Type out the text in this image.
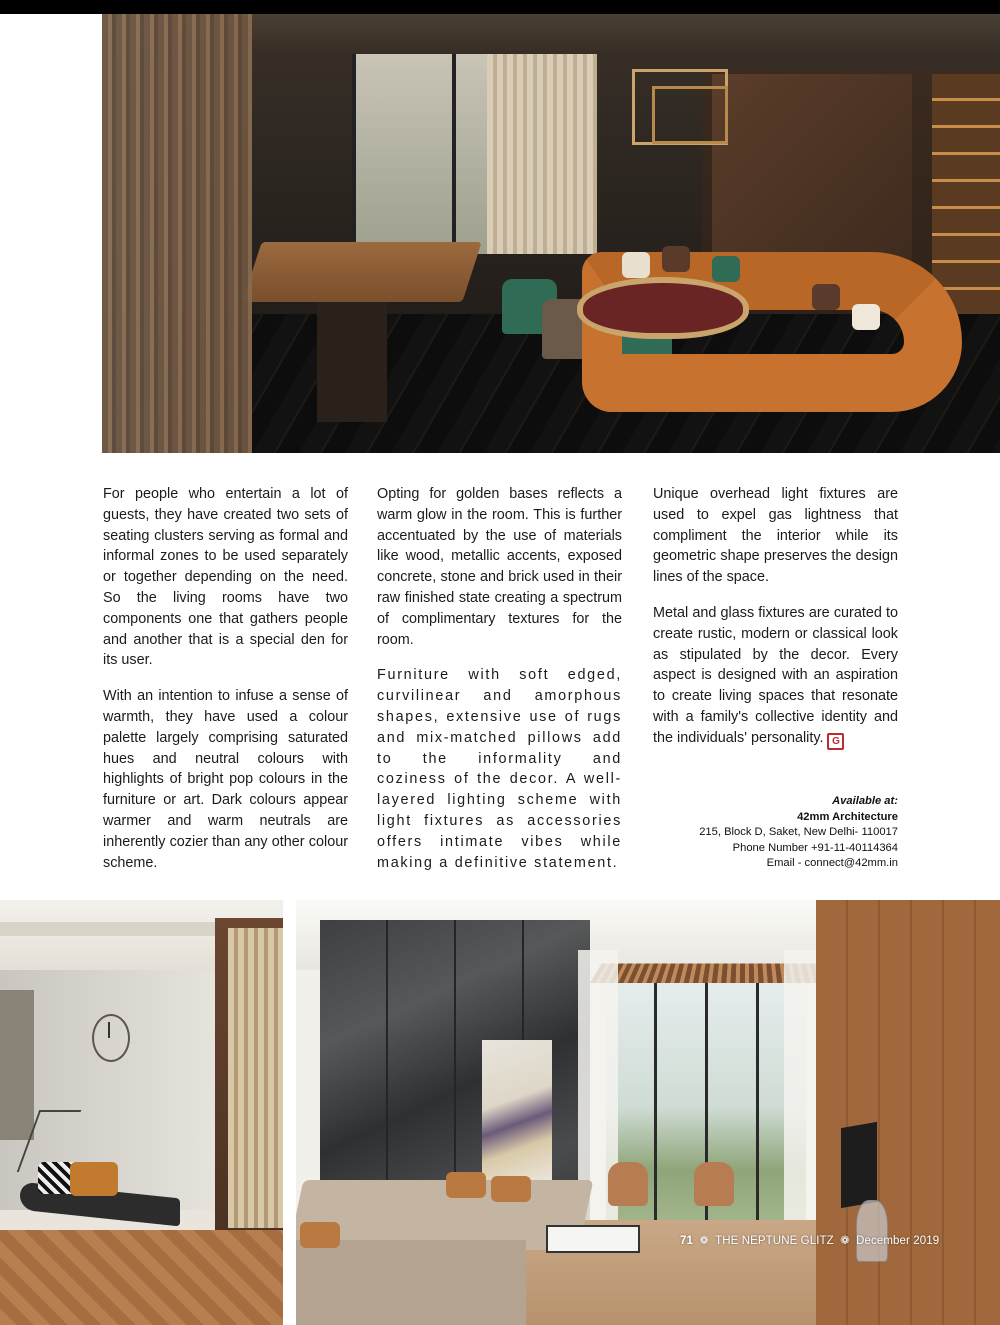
For people who entertain a lot of guests, they have created two sets of seating clusters serving as formal and informal zones to be used separately or together depending on the need. So the living rooms have two components one that gathers people and another that is a special den for its user.

With an intention to infuse a sense of warmth, they have used a colour palette largely comprising saturated hues and neutral colours with highlights of bright pop colours in the furniture or art. Dark colours appear warmer and warm neutrals are inherently cozier than any other colour scheme.

Opting for golden bases reflects a warm glow in the room. This is further accentuated by the use of materials like wood, metallic accents, exposed concrete, stone and brick used in their raw finished state creating a spectrum of complimentary textures for the room.

Furniture with soft edged, curvilinear and amorphous shapes, extensive use of rugs and mix-matched pillows add to the informality and coziness of the decor. A well-layered lighting scheme with light fixtures as accessories offers intimate vibes while making a definitive statement.

Unique overhead light fixtures are used to expel gas lightness that compliment the interior while its geometric shape preserves the design lines of the space.

Metal and glass fixtures are curated to create rustic, modern or classical look as stipulated by the decor. Every aspect is designed with an aspiration to create living spaces that resonate with a family's collective identity and the individuals' personality. G

Available at:
42mm Architecture
215, Block D, Saket, New Delhi- 110017
Phone Number +91-11-40114364
Email - connect@42mm.in
71 ❁ THE NEPTUNE GLITZ ❁ December 2019
